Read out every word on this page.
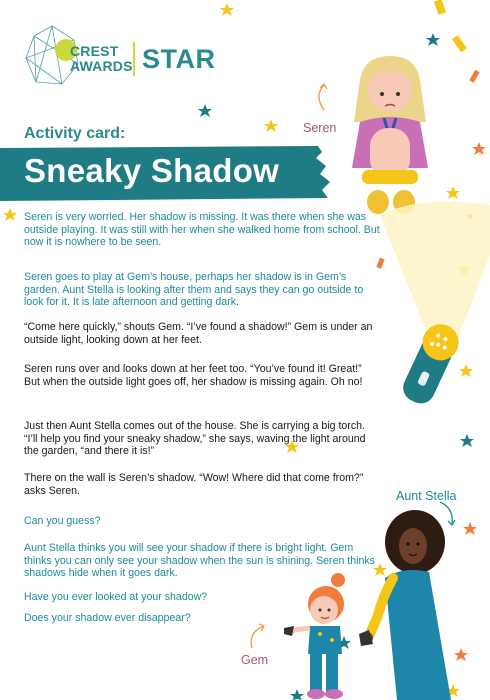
CREST
AWARDS STAR
Activity card:
Sneaky Shadow
Seren is very worried. Her shadow is missing. It was there when she was outside playing. It was still with her when she walked home from school. But now it is nowhere to be seen.
Seren goes to play at Gem’s house, perhaps her shadow is in Gem’s garden. Aunt Stella is looking after them and says they can go outside to look for it. It is late afternoon and getting dark.
“Come here quickly,” shouts Gem. “I’ve found a shadow!” Gem is under an outside light, looking down at her feet.
Seren runs over and looks down at her feet too. “You’ve found it! Great!” But when the outside light goes off, her shadow is missing again. Oh no!
Just then Aunt Stella comes out of the house. She is carrying a big torch. “I’ll help you find your sneaky shadow,” she says, waving the light around the garden, “and there it is!”
There on the wall is Seren’s shadow. “Wow! Where did that come from?” asks Seren.
Can you guess?
Aunt Stella thinks you will see your shadow if there is bright light. Gem thinks you can only see your shadow when the sun is shining. Seren thinks shadows hide when it goes dark.
Have you ever looked at your shadow?
Does your shadow ever disappear?
Seren
Aunt Stella
Gem
